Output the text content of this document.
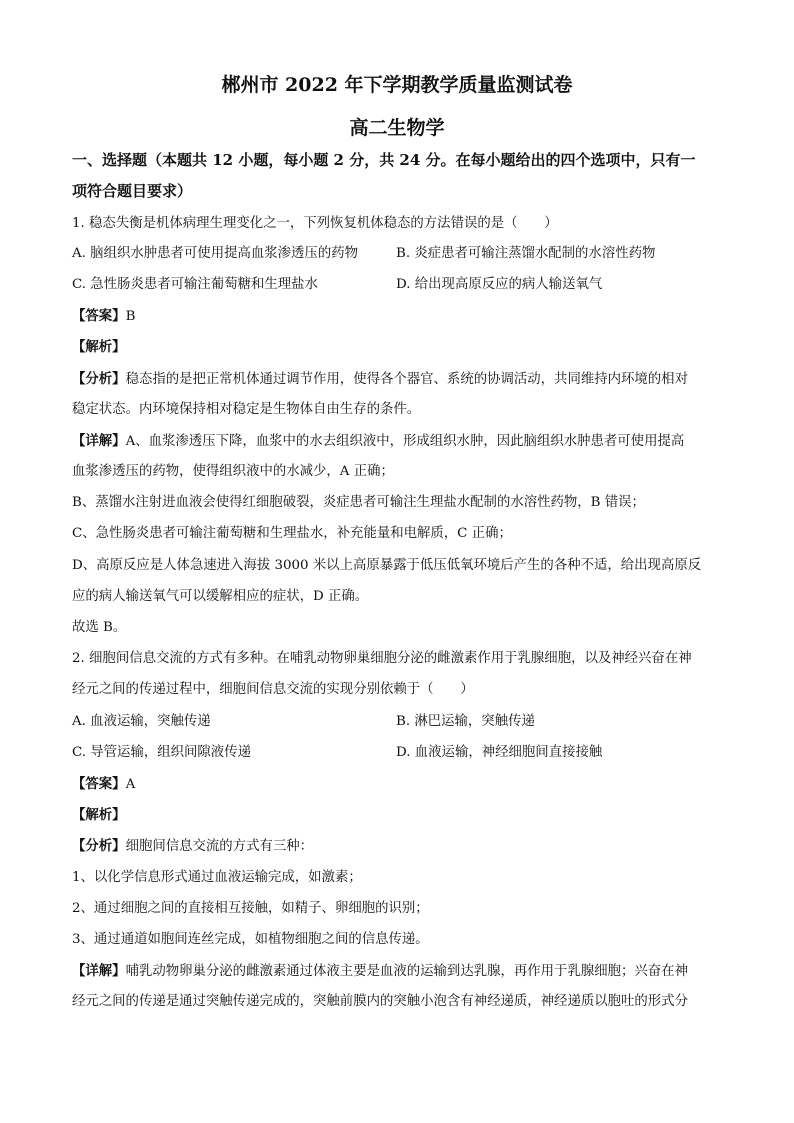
郴州市 2022 年下学期教学质量监测试卷
高二生物学
一、选择题（本题共 12 小题，每小题 2 分，共 24 分。在每小题给出的四个选项中，只有一
项符合题目要求）
1. 稳态失衡是机体病理生理变化之一，下列恢复机体稳态的方法错误的是（　　）
A. 脑组织水肿患者可使用提高血浆渗透压的药物	B. 炎症患者可输注蒸馏水配制的水溶性药物
C. 急性肠炎患者可输注葡萄糖和生理盐水	D. 给出现高原反应的病人输送氧气
【答案】B
【解析】
【分析】稳态指的是把正常机体通过调节作用，使得各个器官、系统的协调活动，共同维持内环境的相对
稳定状态。内环境保持相对稳定是生物体自由生存的条件。
【详解】A、血浆渗透压下降，血浆中的水去组织液中，形成组织水肿，因此脑组织水肿患者可使用提高
血浆渗透压的药物，使得组织液中的水减少，A 正确；
B、蒸馏水注射进血液会使得红细胞破裂，炎症患者可输注生理盐水配制的水溶性药物，B 错误；
C、急性肠炎患者可输注葡萄糖和生理盐水，补充能量和电解质，C 正确；
D、高原反应是人体急速进入海拔 3000 米以上高原暴露于低压低氧环境后产生的各种不适，给出现高原反
应的病人输送氧气可以缓解相应的症状，D 正确。
故选 B。
2. 细胞间信息交流的方式有多种。在哺乳动物卵巢细胞分泌的雌激素作用于乳腺细胞，以及神经兴奋在神
经元之间的传递过程中，细胞间信息交流的实现分别依赖于（　　）
A. 血液运输，突触传递	B. 淋巴运输，突触传递
C. 导管运输，组织间隙液传递	D. 血液运输，神经细胞间直接接触
【答案】A
【解析】
【分析】细胞间信息交流的方式有三种：
1、以化学信息形式通过血液运输完成，如激素；
2、通过细胞之间的直接相互接触，如精子、卵细胞的识别；
3、通过通道如胞间连丝完成，如植物细胞之间的信息传递。
【详解】哺乳动物卵巢分泌的雌激素通过体液主要是血液的运输到达乳腺，再作用于乳腺细胞；兴奋在神
经元之间的传递是通过突触传递完成的，突触前膜内的突触小泡含有神经递质，神经递质以胞吐的形式分
